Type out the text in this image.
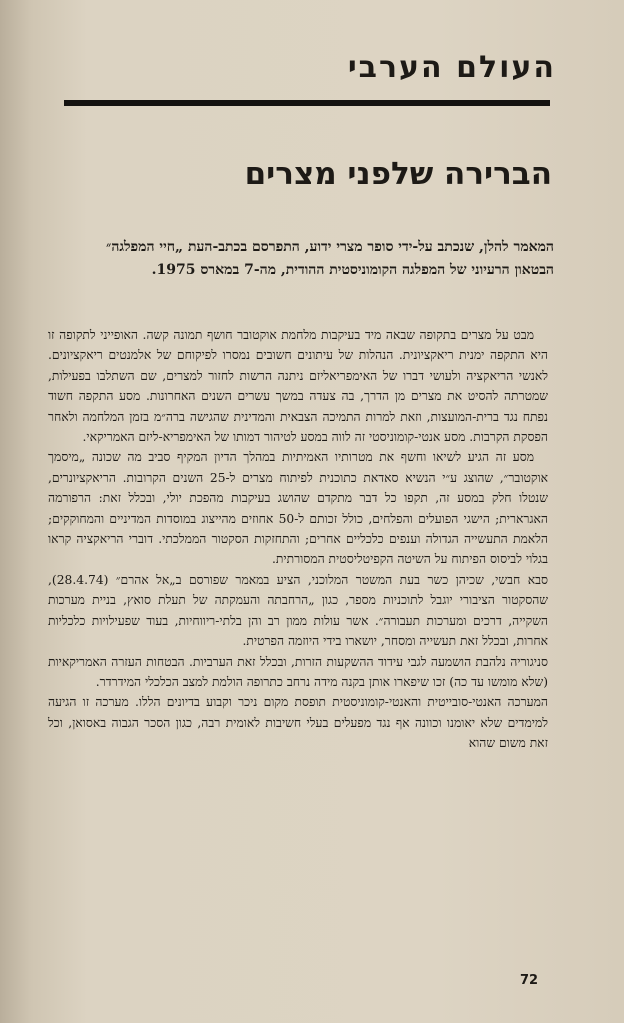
העולם הערבי
הברירה שלפני מצרים
המאמר להלן, שנכתב על-ידי סופר מצרי ידוע, התפרסם בכתב-העת „חיי המפלגה״ הבטאון הרעיוני של המפלגה הקומוניסטית ההודית, מה-7 במארס 1975.

מבט על מצרים בתקופה שבאה מיד בעיקבות מלחמת אוקטובר חושף תמונה קשה. האופייני לתקופה זו היא התקפה ימנית ריאקציונית. הנהלות של עיתונים חשובים נמסרו לפיקוחם של אלמנטים ריאקציונים. לאנשי הריאקציה ולעושי דברו של האימפריאליזם ניתנה הרשות לחזור למצרים, שם השתלבו בפעילות, שמטרתה להסיט את מצרים מן הדרך, בה צעדה במשך עשרים השנים האחרונות. מסע התקפה חשוד נפתח נגד ברית-המועצות, וזאת למרות התמיכה הצבאית והמדינית שהגישה ברה״מ בזמן המלחמה ולאחר הפסקת הקרבות. מסע אנטי-קומוניסטי זה לווה במסע לטיהור דמותו של האימפריא-ליזם האמריקאי.

מסע זה הגיע לשיאו וחשף את מטרותיו האמיתיות במהלך הדיון המקיף סביב מה שכונה „מיסמך אוקטובר״, שהוצג ע״י הנשיא סאדאת כתוכנית לפיתוח מצרים ל-25 השנים הקרובות. הריאקציונרים, שנטלו חלק במסע זה, תקפו כל דבר מתקדם שהושג בעיקבות מהפכת יולי, ובכלל זאת: הרפורמה האגרארית; הישגי הפועלים והפלחים, כולל זכותם ל-50 אחוזים מהייצוג במוסדות המדיניים והמחוקקים; הלאמת התעשייה הגדולה וענפים כלכליים אחרים; והתחזקות הסקטור הממלכתי. דוברי הריאקציה קראו בגלוי לביסוס הפיתוח על השיטה הקפיטליסטית המסורתית.

סבא חבשי, שכיהן כשר בעת המשטר המלוכני, הציע במאמר שפורסם ב„אל אהרם״ (28.4.74), שהסקטור הציבורי יוגבל לתוכניות מספר, כגון „הרחבתה והעמקתה של תעלת סואץ, בניית מערכות השקייה, דרכים ומערכות תעבורה״. אשר עולות ממון רב והן בלתי-ריווחיות, בעוד שפעילויות כלכליות אחרות, ובכלל זאת תעשייה ומסחר, יושארו בידי היוזמה הפרטית.

סניגוריה נלהבת הושמעה לגבי עידוד ההשקעות הזרות, ובכלל זאת הערביות. הבטחות העזרה האמריקאיות (שלא מומשו עד כה) זכו שיפארו אותן בקנה מידה נרחב כתרופה הולמת למצב הכלכלי המידרדר.

המערכה האנטי-סובייטית והאנטי-קומוניסטית תופסת מקום ניכר וקבוע בדיונים הללו. מערכה זו הגיעה למימדים שלא יאומנו וכוונה אף נגד מפעלים בעלי חשיבות לאומית רבה, כגון הסכר הגבוה באסואן, וכל זאת משום שהוא

72
